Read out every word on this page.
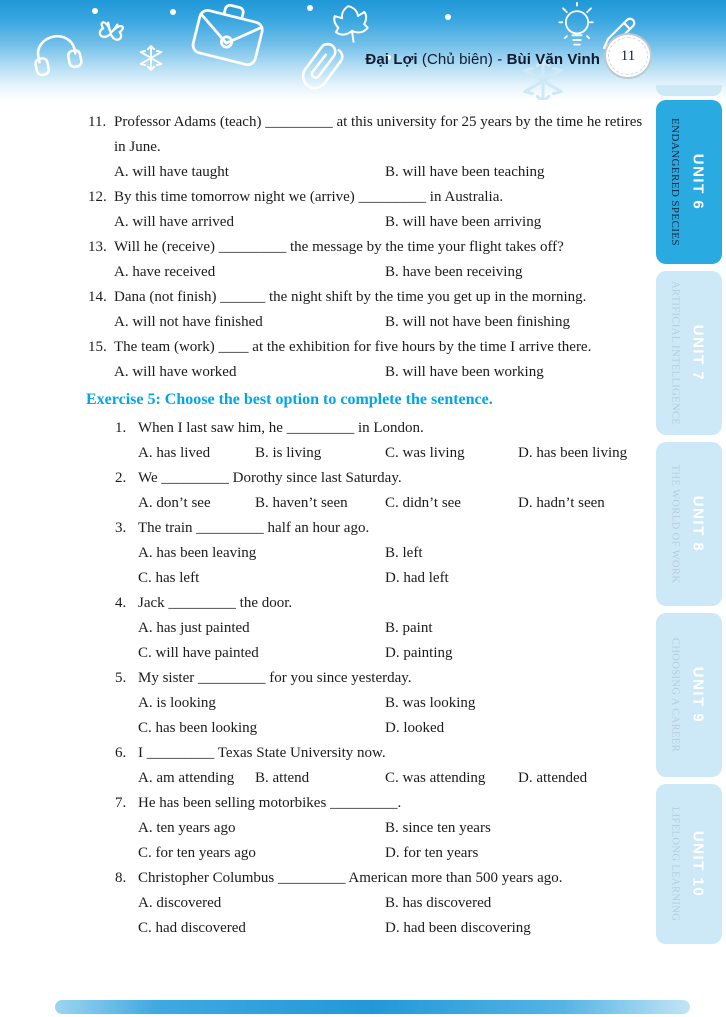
Đại Lợi (Chủ biên) - Bùi Văn Vinh 11
UNIT 6
ENDANGERED SPECIES
UNIT 7
ARTIFICIAL INTELLIGENCE
UNIT 8
THE WORLD OF WORK
UNIT 9
CHOOSING A CAREER
UNIT 10
LIFELONG LEARNING
11. Professor Adams (teach) _________ at this university for 25 years by the time he retires in June.
A. will have taught	B. will have been teaching
12. By this time tomorrow night we (arrive) _________ in Australia.
A. will have arrived	B. will have been arriving
13. Will he (receive) _________ the message by the time your flight takes off?
A. have received	B. have been receiving
14. Dana (not finish) ______ the night shift by the time you get up in the morning.
A. will not have finished	B. will not have been finishing
15. The team (work) ____ at the exhibition for five hours by the time I arrive there.
A. will have worked	B. will have been working
Exercise 5: Choose the best option to complete the sentence.
1. When I last saw him, he _________ in London.
A. has lived	B. is living	C. was living	D. has been living
2. We _________ Dorothy since last Saturday.
A. don’t see	B. haven’t seen	C. didn’t see	D. hadn’t seen
3. The train _________ half an hour ago.
A. has been leaving	B. left
C. has left	D. had left
4. Jack _________ the door.
A. has just painted	B. paint
C. will have painted	D. painting
5. My sister _________ for you since yesterday.
A. is looking	B. was looking
C. has been looking	D. looked
6. I _________ Texas State University now.
A. am attending	B. attend	C. was attending	D. attended
7. He has been selling motorbikes _________.
A. ten years ago	B. since ten years
C. for ten years ago	D. for ten years
8. Christopher Columbus _________ American more than 500 years ago.
A. discovered	B. has discovered
C. had discovered	D. had been discovering
